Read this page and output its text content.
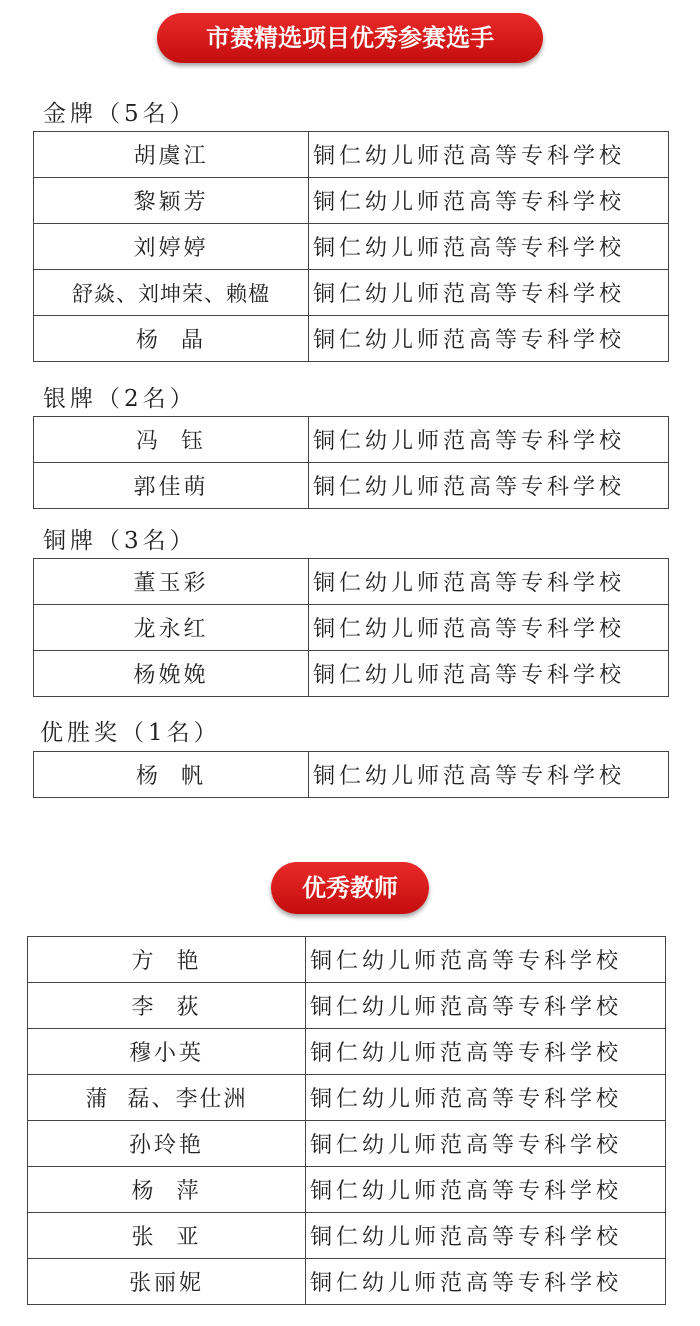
市赛精选项目优秀参赛选手
金牌（5名）
胡虞江	铜仁幼儿师范高等专科学校
黎颖芳	铜仁幼儿师范高等专科学校
刘婷婷	铜仁幼儿师范高等专科学校
舒焱、刘坤荣、赖楹	铜仁幼儿师范高等专科学校
杨  晶	铜仁幼儿师范高等专科学校
银牌（2名）
冯  钰	铜仁幼儿师范高等专科学校
郭佳萌	铜仁幼儿师范高等专科学校
铜牌（3名）
董玉彩	铜仁幼儿师范高等专科学校
龙永红	铜仁幼儿师范高等专科学校
杨娩娩	铜仁幼儿师范高等专科学校
优胜奖（1名）
杨  帆	铜仁幼儿师范高等专科学校
优秀教师
方  艳	铜仁幼儿师范高等专科学校
李  荻	铜仁幼儿师范高等专科学校
穆小英	铜仁幼儿师范高等专科学校
蒲  磊、李仕洲	铜仁幼儿师范高等专科学校
孙玲艳	铜仁幼儿师范高等专科学校
杨  萍	铜仁幼儿师范高等专科学校
张  亚	铜仁幼儿师范高等专科学校
张丽妮	铜仁幼儿师范高等专科学校
